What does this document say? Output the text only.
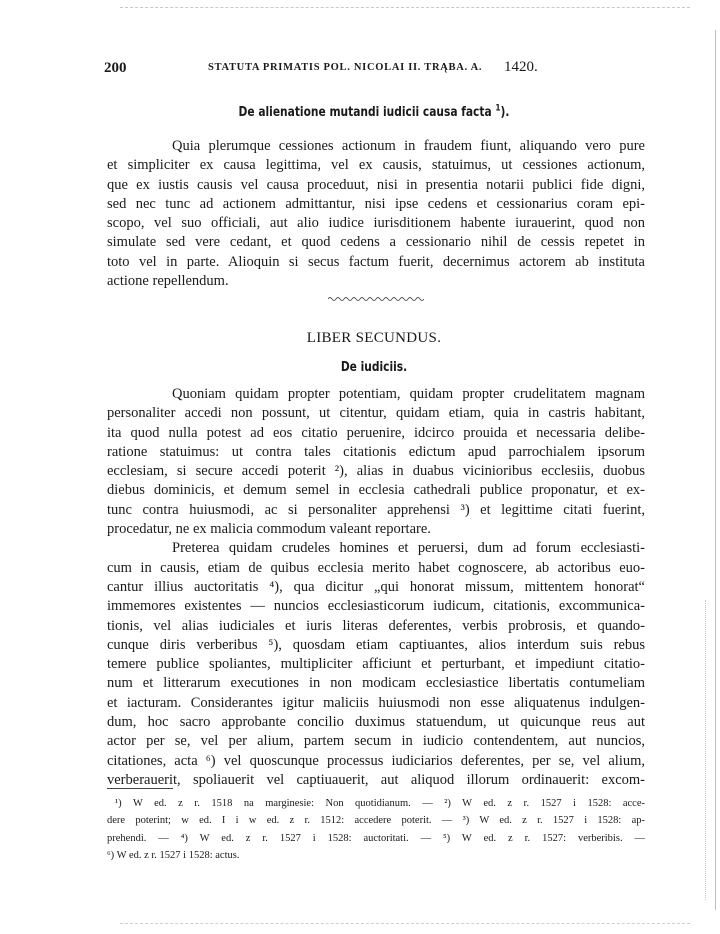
200	STATUTA PRIMATIS POL. NICOLAI II. TRĄBA. A. 1420.
De alienatione mutandi iudicii causa facta $^1$).
Quia plerumque cessiones actionum in fraudem fiunt, aliquando vero pure
et simpliciter ex causa legittima, vel ex causis, statuimus, ut cessiones actionum,
que ex iustis causis vel causa proceduut, nisi in presentia notarii publici fide digni,
sed nec tunc ad actionem admittantur, nisi ipse cedens et cessionarius coram epi-
scopo, vel suo officiali, aut alio iudice iurisditionem habente iurauerint, quod non
simulate sed vere cedant, et quod cedens a cessionario nihil de cessis repetet in
toto vel in parte. Alioquin si secus factum fuerit, decernimus actorem ab instituta
actione repellendum.
LIBER SECUNDUS.
De iudiciis.
Quoniam quidam propter potentiam, quidam propter crudelitatem magnam
personaliter accedi non possunt, ut citentur, quidam etiam, quia in castris habitant,
ita quod nulla potest ad eos citatio peruenire, idcirco prouida et necessaria delibe-
ratione statuimus: ut contra tales citationis edictum apud parrochialem ipsorum
ecclesiam, si secure accedi poterit ²), alias in duabus vicinioribus ecclesiis, duobus
diebus dominicis, et demum semel in ecclesia cathedrali publice proponatur, et ex-
tunc contra huiusmodi, ac si personaliter apprehensi ³) et legittime citati fuerint,
procedatur, ne ex malicia commodum valeant reportare.
Preterea quidam crudeles homines et peruersi, dum ad forum ecclesiasti-
cum in causis, etiam de quibus ecclesia merito habet cognoscere, ab actoribus euo-
cantur illius auctoritatis ⁴), qua dicitur „qui honorat missum, mittentem honorat“
immemores existentes — nuncios ecclesiasticorum iudicum, citationis, excommunica-
tionis, vel alias iudiciales et iuris literas deferentes, verbis probrosis, et quando-
cunque diris verberibus ⁵), quosdam etiam captiuantes, alios interdum suis rebus
temere publice spoliantes, multipliciter afficiunt et perturbant, et impediunt citatio-
num et litterarum executiones in non modicam ecclesiastice libertatis contumeliam
et iacturam. Considerantes igitur maliciis huiusmodi non esse aliquatenus indulgen-
dum, hoc sacro approbante concilio duximus statuendum, ut quicunque reus aut
actor per se, vel per alium, partem secum in iudicio contendentem, aut nuncios,
citationes, acta ⁶) vel quoscunque processus iudiciarios deferentes, per se, vel alium,
verberauerit, spoliauerit vel captiuauerit, aut aliquod illorum ordinauerit: excom-
¹) W ed. z r. 1518 na marginesie: Non quotidianum. — ²) W ed. z r. 1527 i 1528: acce-
dere poterint; w ed. I i w ed. z r. 1512: accedere poterit. — ³) W ed. z r. 1527 i 1528: ap-
prehendi. — ⁴) W ed. z r. 1527 i 1528: auctoritati. — ⁵) W ed. z r. 1527: verberibis. —
⁶) W ed. z r. 1527 i 1528: actus.
